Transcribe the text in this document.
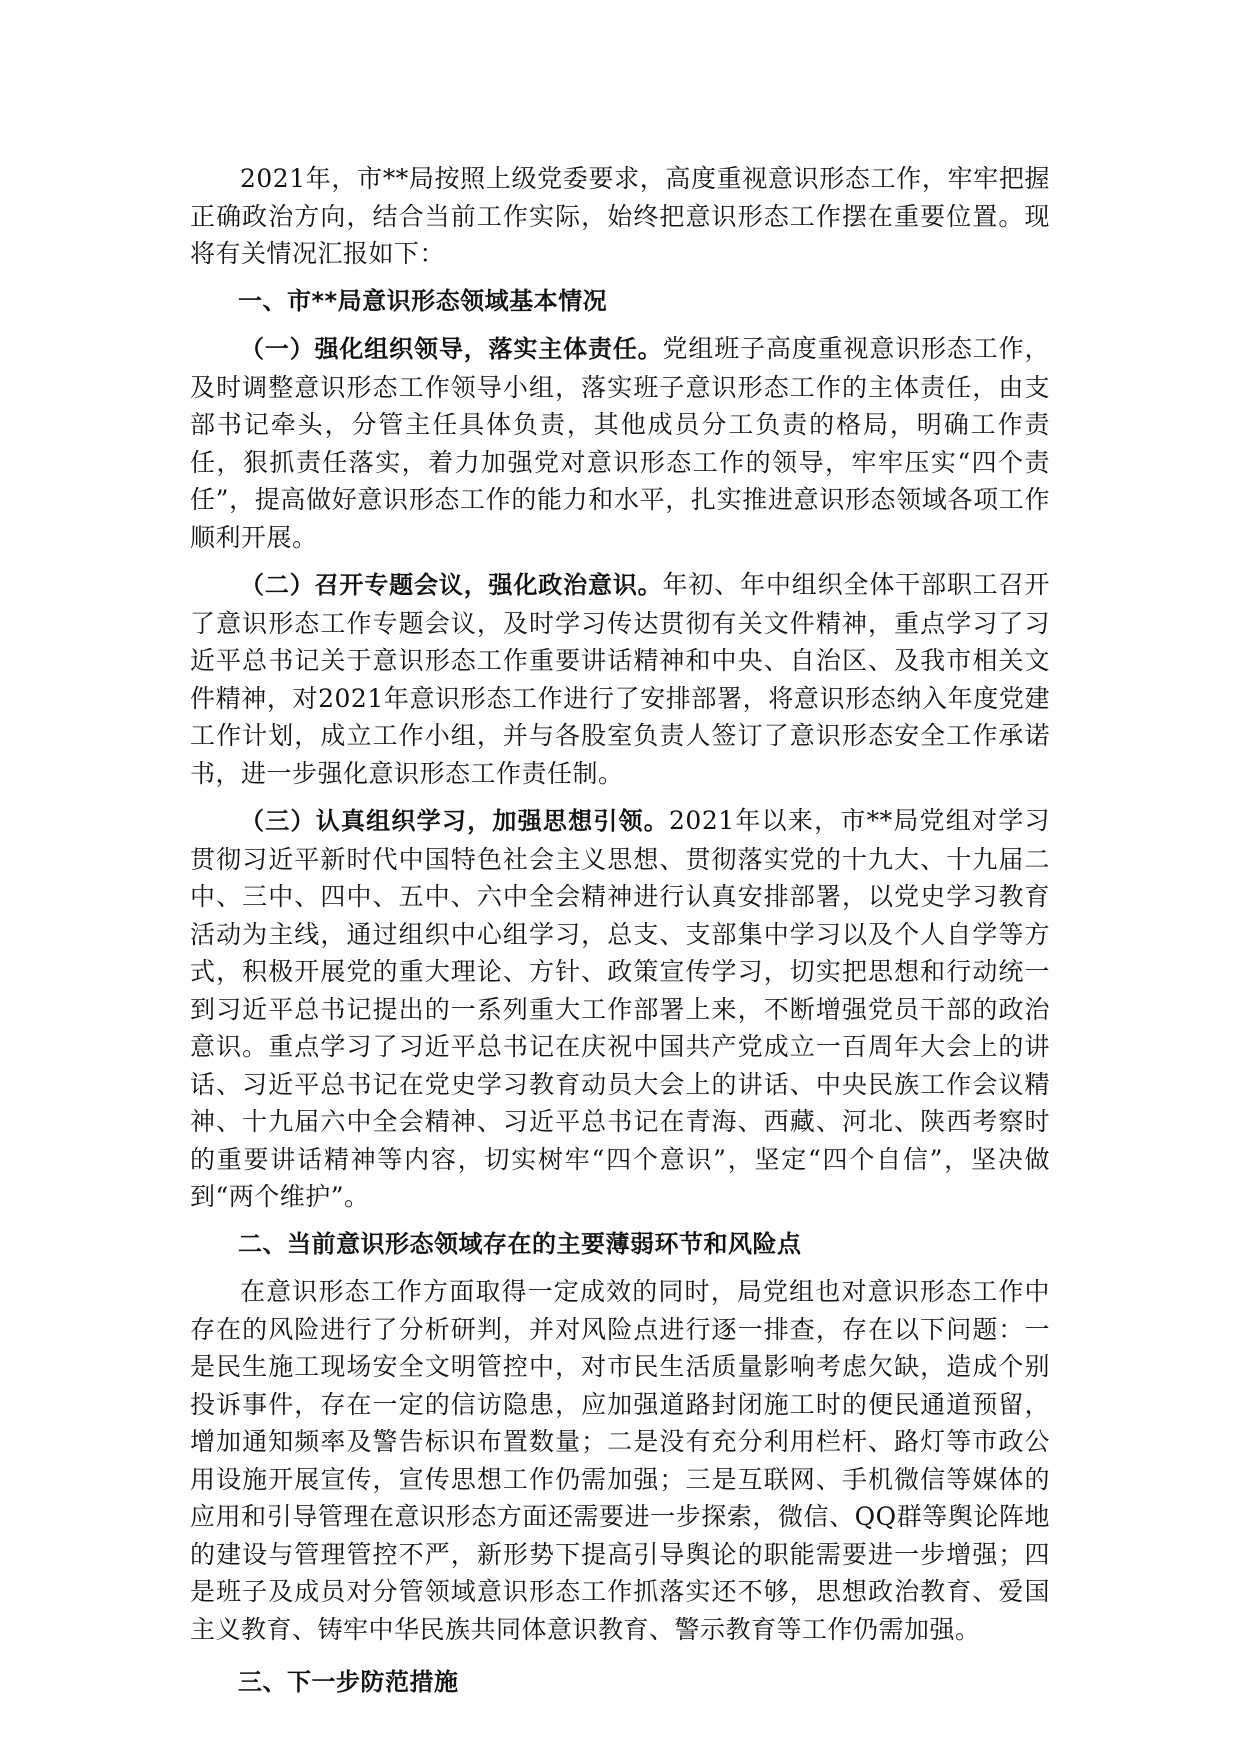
2021年，市**局按照上级党委要求，高度重视意识形态工作，牢牢把握正确政治方向，结合当前工作实际，始终把意识形态工作摆在重要位置。现将有关情况汇报如下：

一、市**局意识形态领域基本情况

（一）强化组织领导，落实主体责任。党组班子高度重视意识形态工作，及时调整意识形态工作领导小组，落实班子意识形态工作的主体责任，由支部书记牵头，分管主任具体负责，其他成员分工负责的格局，明确工作责任，狠抓责任落实，着力加强党对意识形态工作的领导，牢牢压实“四个责任”，提高做好意识形态工作的能力和水平，扎实推进意识形态领域各项工作顺利开展。

（二）召开专题会议，强化政治意识。年初、年中组织全体干部职工召开了意识形态工作专题会议，及时学习传达贯彻有关文件精神，重点学习了习近平总书记关于意识形态工作重要讲话精神和中央、自治区、及我市相关文件精神，对2021年意识形态工作进行了安排部署，将意识形态纳入年度党建工作计划，成立工作小组，并与各股室负责人签订了意识形态安全工作承诺书，进一步强化意识形态工作责任制。

（三）认真组织学习，加强思想引领。2021年以来，市**局党组对学习贯彻习近平新时代中国特色社会主义思想、贯彻落实党的十九大、十九届二中、三中、四中、五中、六中全会精神进行认真安排部署，以党史学习教育活动为主线，通过组织中心组学习，总支、支部集中学习以及个人自学等方式，积极开展党的重大理论、方针、政策宣传学习，切实把思想和行动统一到习近平总书记提出的一系列重大工作部署上来，不断增强党员干部的政治意识。重点学习了习近平总书记在庆祝中国共产党成立一百周年大会上的讲话、习近平总书记在党史学习教育动员大会上的讲话、中央民族工作会议精神、十九届六中全会精神、习近平总书记在青海、西藏、河北、陕西考察时的重要讲话精神等内容，切实树牢“四个意识”，坚定“四个自信”，坚决做到“两个维护”。

二、当前意识形态领域存在的主要薄弱环节和风险点

在意识形态工作方面取得一定成效的同时，局党组也对意识形态工作中存在的风险进行了分析研判，并对风险点进行逐一排查，存在以下问题：一是民生施工现场安全文明管控中，对市民生活质量影响考虑欠缺，造成个别投诉事件，存在一定的信访隐患，应加强道路封闭施工时的便民通道预留，增加通知频率及警告标识布置数量；二是没有充分利用栏杆、路灯等市政公用设施开展宣传，宣传思想工作仍需加强；三是互联网、手机微信等媒体的应用和引导管理在意识形态方面还需要进一步探索，微信、QQ群等舆论阵地的建设与管理管控不严，新形势下提高引导舆论的职能需要进一步增强；四是班子及成员对分管领域意识形态工作抓落实还不够，思想政治教育、爱国主义教育、铸牢中华民族共同体意识教育、警示教育等工作仍需加强。

三、下一步防范措施
